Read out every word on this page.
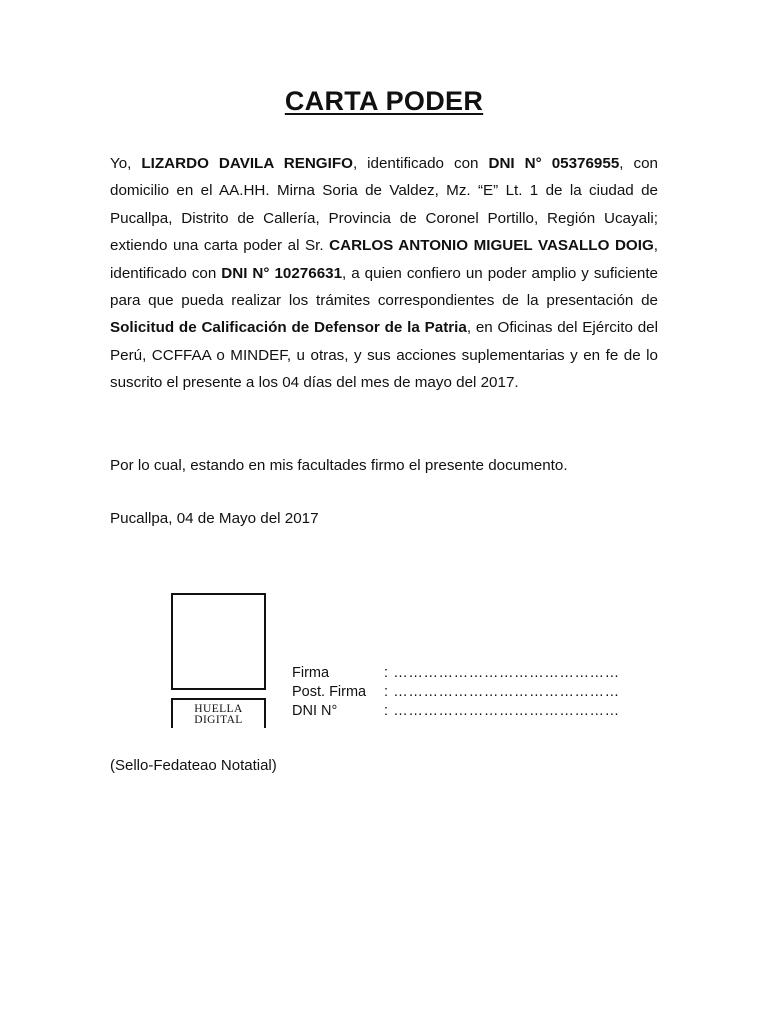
CARTA PODER

Yo, LIZARDO DAVILA RENGIFO, identificado con DNI N° 05376955, con domicilio en el AA.HH. Mirna Soria de Valdez, Mz. “E” Lt. 1 de la ciudad de Pucallpa, Distrito de Callería, Provincia de Coronel Portillo, Región Ucayali; extiendo una carta poder al Sr. CARLOS ANTONIO MIGUEL VASALLO DOIG, identificado con DNI N° 10276631, a quien confiero un poder amplio y suficiente para que pueda realizar los trámites correspondientes de la presentación de Solicitud de Calificación de Defensor de la Patria, en Oficinas del Ejército del Perú, CCFFAA o MINDEF, u otras, y sus acciones suplementarias y en fe de lo suscrito el presente a los 04 días del mes de mayo del 2017.

Por lo cual, estando en mis facultades firmo el presente documento.
Pucallpa, 04 de Mayo del 2017
HUELLA DIGITAL
Firma	: ………………………………………
Post. Firma	: ………………………………………
DNI N°	: ………………………………………
(Sello-Fedateao Notatial)
